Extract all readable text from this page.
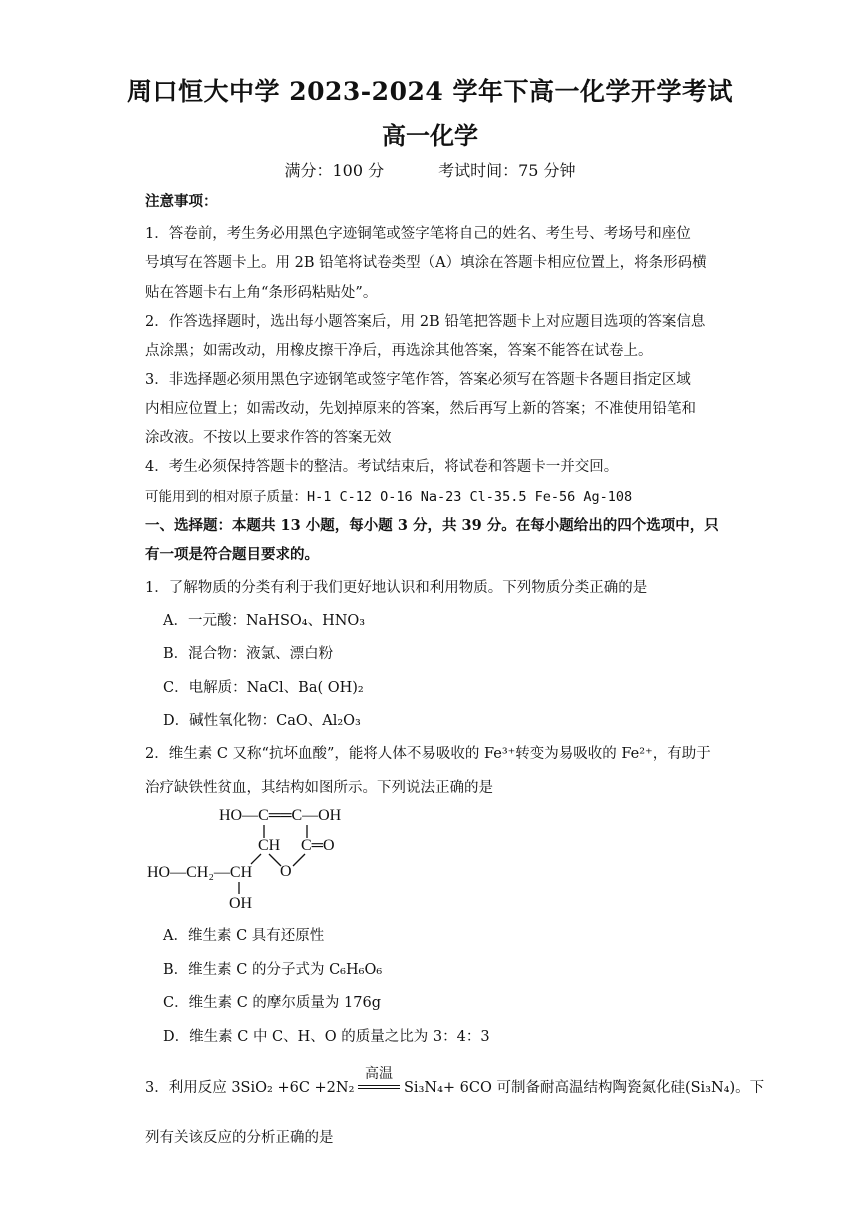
周口恒大中学 2023-2024 学年下高一化学开学考试
高一化学
满分：100 分	考试时间：75 分钟
注意事项：
1．答卷前，考生务必用黑色字迹铜笔或签字笔将自己的姓名、考生号、考场号和座位
号填写在答题卡上。用 2B 铅笔将试卷类型（A）填涂在答题卡相应位置上，将条形码横
贴在答题卡右上角“条形码粘贴处”。
2．作答选择题时，选出每小题答案后，用 2B 铅笔把答题卡上对应题目选项的答案信息
点涂黑；如需改动，用橡皮擦干净后，再选涂其他答案，答案不能答在试卷上。
3．非选择题必须用黑色字迹钢笔或签字笔作答，答案必须写在答题卡各题目指定区域
内相应位置上；如需改动，先划掉原来的答案，然后再写上新的答案；不准使用铅笔和
涂改液。不按以上要求作答的答案无效
4．考生必须保持答题卡的整洁。考试结束后，将试卷和答题卡一并交回。
可能用到的相对原子质量：H-1 C-12 O-16 Na-23 Cl-35.5 Fe-56 Ag-108
一、选择题：本题共 13 小题，每小题 3 分，共 39 分。在每小题给出的四个选项中，只
有一项是符合题目要求的。
1．了解物质的分类有利于我们更好地认识和利用物质。下列物质分类正确的是
A．一元酸：NaHSO₄、HNO₃
B．混合物：液氯、漂白粉
C．电解质：NaCl、Ba( OH)₂
D．碱性氧化物：CaO、Al₂O₃
2．维生素 C 又称“抗坏血酸”，能将人体不易吸收的 Fe³⁺转变为易吸收的 Fe²⁺，有助于
治疗缺铁性贫血，其结构如图所示。下列说法正确的是
HO—C══C—OH
CH C═O
O
HO—CH₂—CH
OH
A．维生素 C 具有还原性
B．维生素 C 的分子式为 C₆H₆O₆
C．维生素 C 的摩尔质量为 176g
D．维生素 C 中 C、H、O 的质量之比为 3：4：3
3．利用反应 3SiO₂ +6C +2N₂
高温
Si₃N₄+ 6CO 可制备耐高温结构陶瓷氮化硅(Si₃N₄)。下
列有关该反应的分析正确的是
